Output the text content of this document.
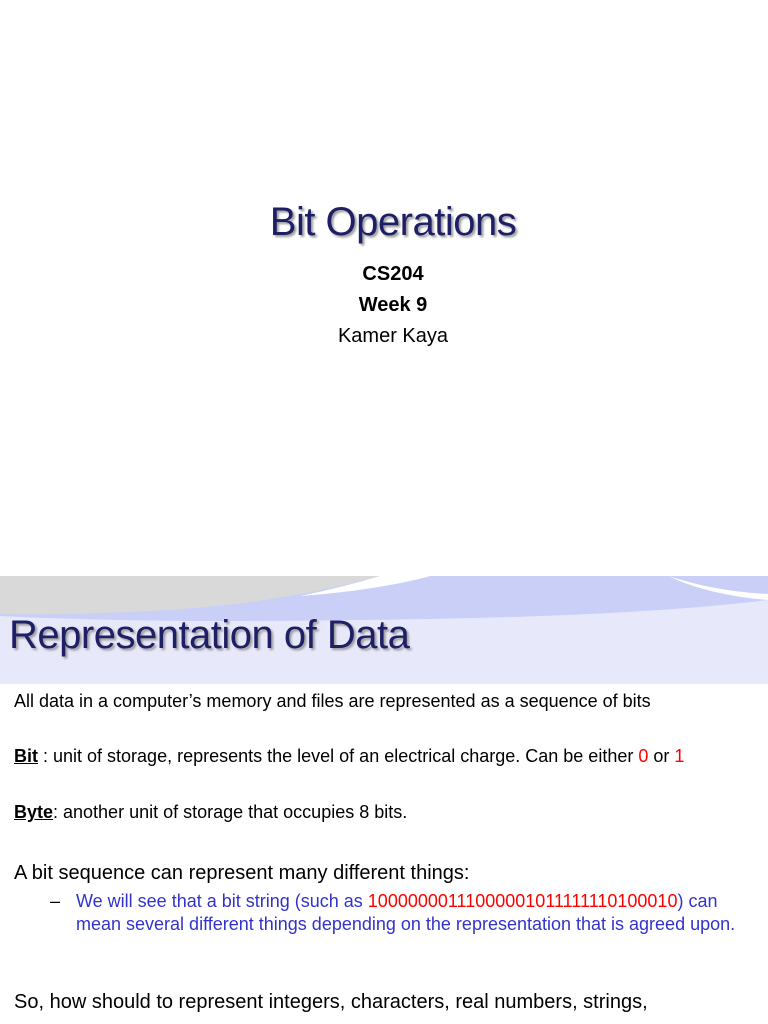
Bit Operations
CS204
Week 9
Kamer Kaya
Representation of Data
All data in a computer’s memory and files are represented as a sequence of bits
Bit : unit of storage, represents the level of an electrical charge. Can be either 0 or 1
Byte: another unit of storage that occupies 8 bits.
A bit sequence can represent many different things:
– We will see that a bit string (such as 1000000011100000101111111010001​0) can mean several different things depending on the representation that is agreed upon.
So, how should to represent integers, characters, real numbers, strings,
